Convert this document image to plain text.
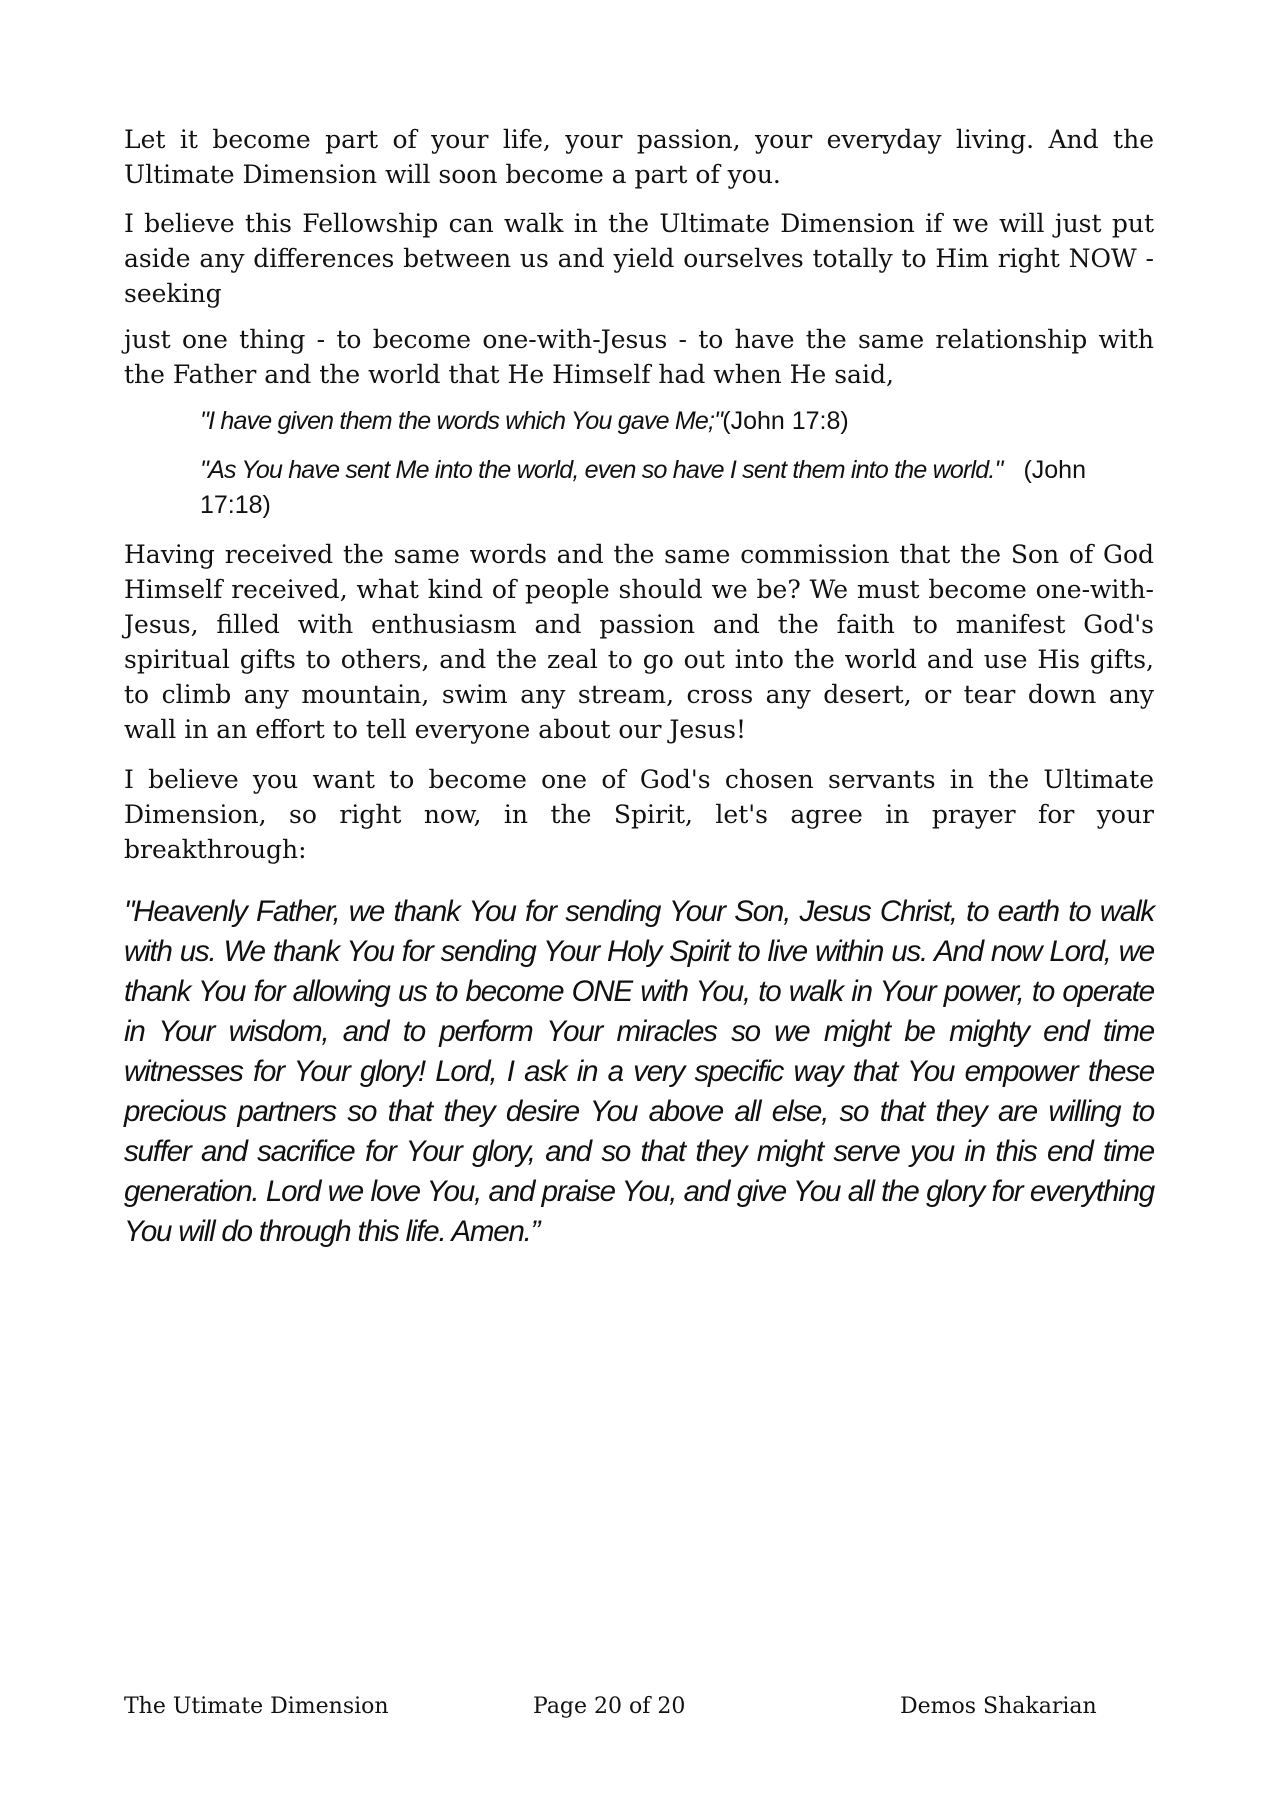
Let it become part of your life, your passion, your everyday living. And the Ultimate Dimension will soon become a part of you.

I believe this Fellowship can walk in the Ultimate Dimension if we will just put aside any differences between us and yield ourselves totally to Him right NOW - seeking

just one thing - to become one-with-Jesus - to have the same relationship with the Father and the world that He Himself had when He said,

"I have given them the words which You gave Me;"(John 17:8)

"As You have sent Me into the world, even so have I sent them into the world." (John 17:18)

Having received the same words and the same commission that the Son of God Himself received, what kind of people should we be? We must become one-with-Jesus, filled with enthusiasm and passion and the faith to manifest God's spiritual gifts to others, and the zeal to go out into the world and use His gifts, to climb any mountain, swim any stream, cross any desert, or tear down any wall in an effort to tell everyone about our Jesus!

I believe you want to become one of God's chosen servants in the Ultimate Dimension, so right now, in the Spirit, let's agree in prayer for your breakthrough:

"Heavenly Father, we thank You for sending Your Son, Jesus Christ, to earth to walk with us. We thank You for sending Your Holy Spirit to live within us. And now Lord, we thank You for allowing us to become ONE with You, to walk in Your power, to operate in Your wisdom, and to perform Your miracles so we might be mighty end time witnesses for Your glory! Lord, I ask in a very specific way that You empower these precious partners so that they desire You above all else, so that they are willing to suffer and sacrifice for Your glory, and so that they might serve you in this end time generation. Lord we love You, and praise You, and give You all the glory for everything You will do through this life. Amen.”

The Utimate Dimension	Page 20 of 20	Demos Shakarian
